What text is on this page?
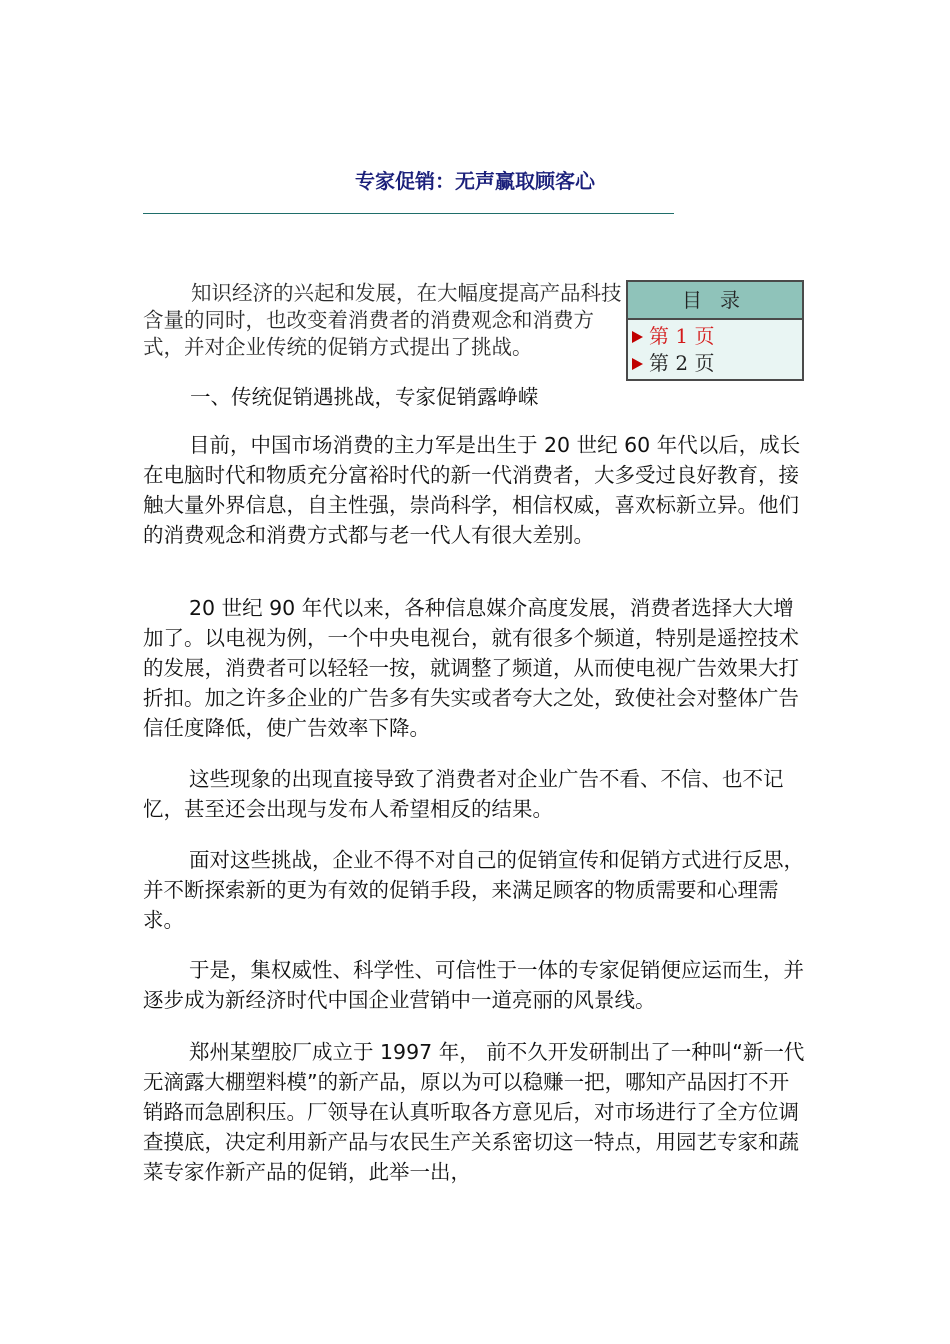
专家促销：无声赢取顾客心

知识经济的兴起和发展，在大幅度提高产品科技含量的同时，也改变着消费者的消费观念和消费方式，并对企业传统的促销方式提出了挑战。

目录
第 1 页
第 2 页
一、传统促销遇挑战，专家促销露峥嵘

目前，中国市场消费的主力军是出生于 20 世纪 60 年代以后，成长在电脑时代和物质充分富裕时代的新一代消费者，大多受过良好教育，接触大量外界信息，自主性强，崇尚科学，相信权威，喜欢标新立异。他们的消费观念和消费方式都与老一代人有很大差别。

20 世纪 90 年代以来，各种信息媒介高度发展，消费者选择大大增加了。以电视为例，一个中央电视台，就有很多个频道，特别是遥控技术的发展，消费者可以轻轻一按，就调整了频道，从而使电视广告效果大打折扣。加之许多企业的广告多有失实或者夸大之处，致使社会对整体广告信任度降低，使广告效率下降。

这些现象的出现直接导致了消费者对企业广告不看、不信、也不记忆，甚至还会出现与发布人希望相反的结果。

面对这些挑战，企业不得不对自己的促销宣传和促销方式进行反思，并不断探索新的更为有效的促销手段，来满足顾客的物质需要和心理需求。

于是，集权威性、科学性、可信性于一体的专家促销便应运而生，并逐步成为新经济时代中国企业营销中一道亮丽的风景线。

郑州某塑胶厂成立于 1997 年， 前不久开发研制出了一种叫“新一代无滴露大棚塑料模”的新产品，原以为可以稳赚一把，哪知产品因打不开销路而急剧积压。厂领导在认真听取各方意见后，对市场进行了全方位调查摸底，决定利用新产品与农民生产关系密切这一特点，用园艺专家和蔬菜专家作新产品的促销，此举一出，
